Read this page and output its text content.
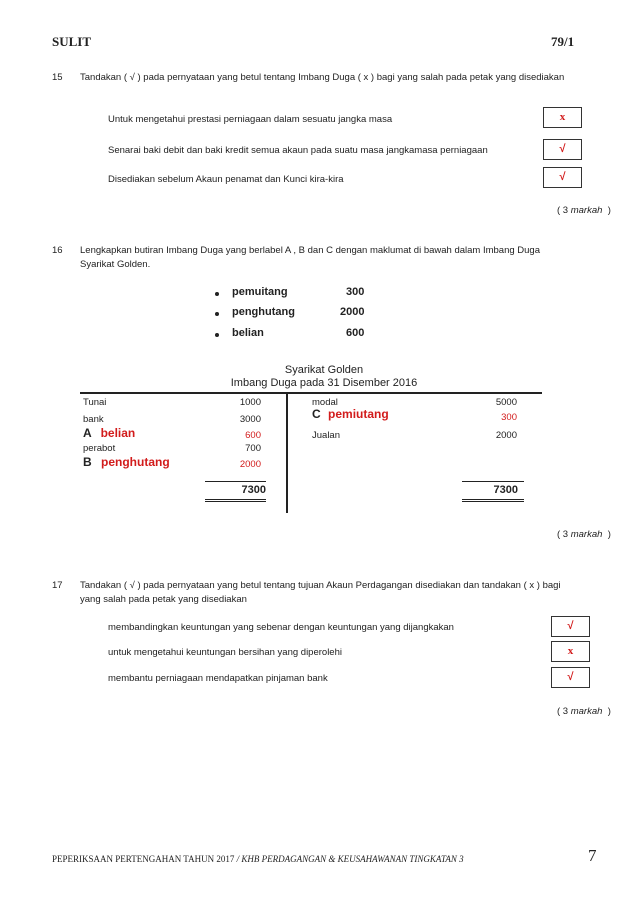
SULIT	79/1
15 Tandakan ( √ ) pada pernyataan yang betul tentang Imbang Duga ( x ) bagi yang salah pada petak yang disediakan
Untuk mengetahui prestasi perniagaan dalam sesuatu jangka masa	x
Senarai baki debit dan baki kredit semua akaun pada suatu masa jangkamasa perniagaan	√
Disediakan sebelum Akaun penamat dan Kunci kira-kira	√
( 3 markah )
16 Lengkapkan butiran Imbang Duga yang berlabel A , B dan C dengan maklumat di bawah dalam Imbang Duga
Syarikat Golden.
pemuitang	300
penghutang	2000
belian	600
Syarikat Golden
Imbang Duga pada 31 Disember 2016
Tunai	1000
bank	3000
A belian	600
perabot	700
B penghutang	2000
modal	5000
C pemiutang	300
Jualan	2000
7300	7300
( 3 markah )
17 Tandakan ( √ ) pada pernyataan yang betul tentang tujuan Akaun Perdagangan disediakan dan tandakan ( x ) bagi
yang salah pada petak yang disediakan
membandingkan keuntungan yang sebenar dengan keuntungan yang dijangkakan	√
untuk mengetahui keuntungan bersihan yang diperolehi	x
membantu perniagaan mendapatkan pinjaman bank	√
( 3 markah )
PEPERIKSAAN PERTENGAHAN TAHUN 2017 / KHB PERDAGANGAN & KEUSAHAWANAN TINGKATAN 3	7
